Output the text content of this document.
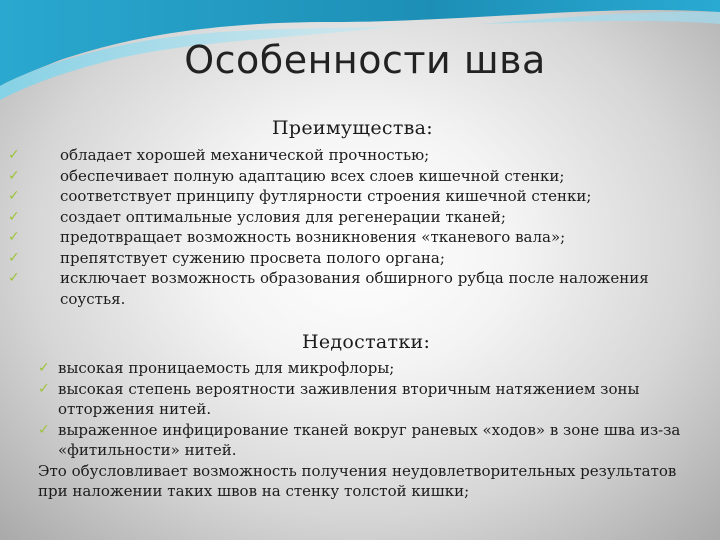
Особенности шва
Преимущества:
✓	обладает хорошей механической прочностью;
✓	обеспечивает полную адаптацию всех слоев кишечной стенки;
✓	соответствует принципу футлярности строения кишечной стенки;
✓	создает оптимальные условия для регенерации тканей;
✓	предотвращает возможность возникновения «тканевого вала»;
✓	препятствует сужению просвета полого органа;
✓	исключает возможность образования обширного рубца после наложения соустья.
Недостатки:
✓ высокая проницаемость для микрофлоры;
✓ высокая степень вероятности заживления вторичным натяжением зоны отторжения нитей.
✓ выраженное инфицирование тканей вокруг раневых «ходов» в зоне шва из-за «фитильности» нитей.
Это обусловливает возможность получения неудовлетворительных результатов при наложении таких швов на стенку толстой кишки;
